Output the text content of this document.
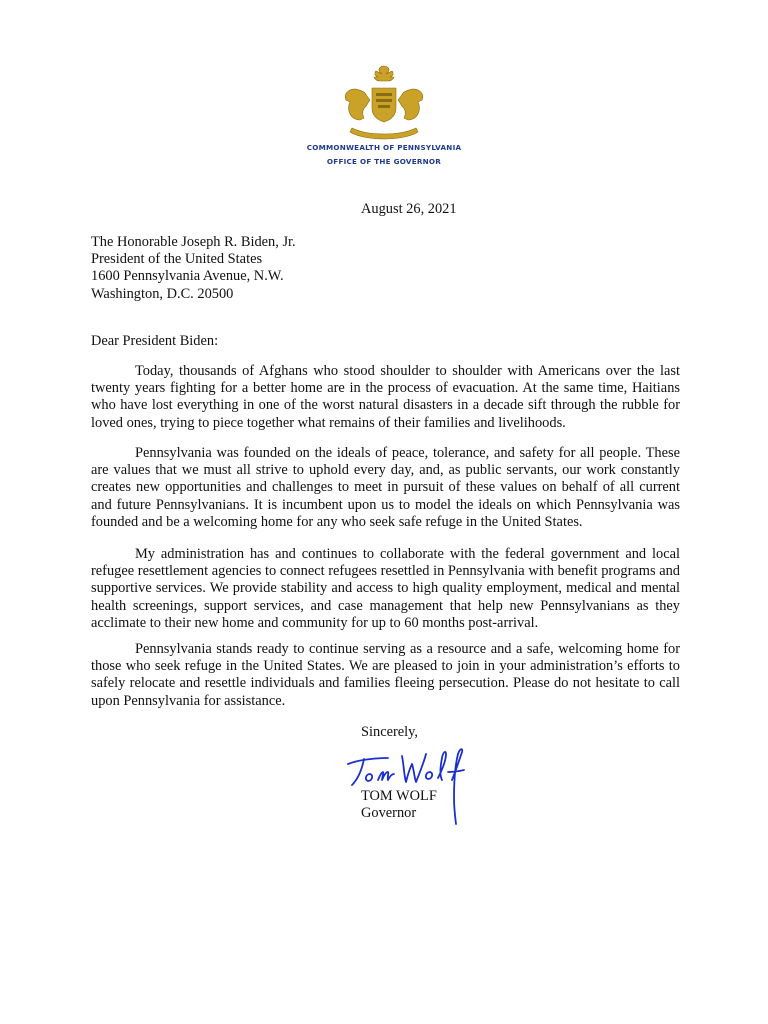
COMMONWEALTH OF PENNSYLVANIA
OFFICE OF THE GOVERNOR
August 26, 2021
The Honorable Joseph R. Biden, Jr.
President of the United States
1600 Pennsylvania Avenue, N.W.
Washington, D.C. 20500
Dear President Biden:

Today, thousands of Afghans who stood shoulder to shoulder with Americans over the last twenty years fighting for a better home are in the process of evacuation. At the same time, Haitians who have lost everything in one of the worst natural disasters in a decade sift through the rubble for loved ones, trying to piece together what remains of their families and livelihoods.

Pennsylvania was founded on the ideals of peace, tolerance, and safety for all people. These are values that we must all strive to uphold every day, and, as public servants, our work constantly creates new opportunities and challenges to meet in pursuit of these values on behalf of all current and future Pennsylvanians. It is incumbent upon us to model the ideals on which Pennsylvania was founded and be a welcoming home for any who seek safe refuge in the United States.

My administration has and continues to collaborate with the federal government and local refugee resettlement agencies to connect refugees resettled in Pennsylvania with benefit programs and supportive services. We provide stability and access to high quality employment, medical and mental health screenings, support services, and case management that help new Pennsylvanians as they acclimate to their new home and community for up to 60 months post-arrival.

Pennsylvania stands ready to continue serving as a resource and a safe, welcoming home for those who seek refuge in the United States. We are pleased to join in your administration’s efforts to safely relocate and resettle individuals and families fleeing persecution. Please do not hesitate to call upon Pennsylvania for assistance.

Sincerely,
TOM WOLF
Governor
